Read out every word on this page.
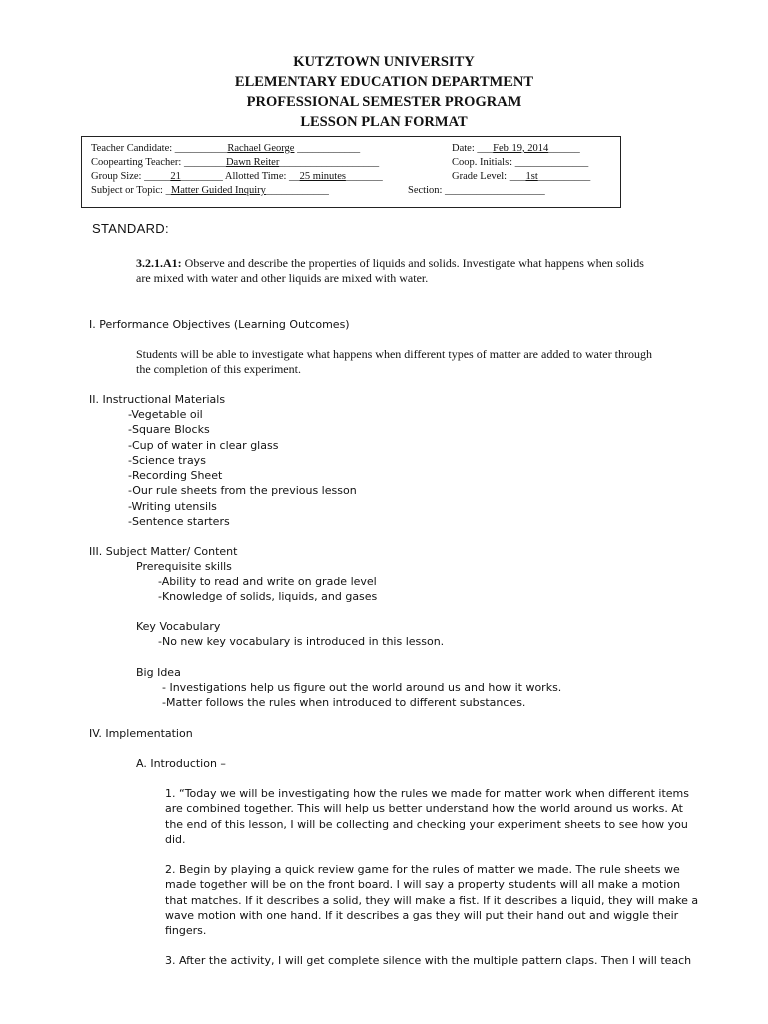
KUTZTOWN UNIVERSITY
ELEMENTARY EDUCATION DEPARTMENT
PROFESSIONAL SEMESTER PROGRAM
LESSON PLAN FORMAT
Teacher Candidate: __________Rachael George ____________	Date: ___Feb 19, 2014______
Coopearting Teacher: ________Dawn Reiter___________________	Coop. Initials: ______________
Group Size: _____21________ Allotted Time: __25 minutes_______	Grade Level: ___1st__________
Subject or Topic: _Matter Guided Inquiry____________	Section: ___________________
STANDARD:
3.2.1.A1: Observe and describe the properties of liquids and solids. Investigate what happens when solids
are mixed with water and other liquids are mixed with water.
I. Performance Objectives (Learning Outcomes)
Students will be able to investigate what happens when different types of matter are added to water through
the completion of this experiment.
II. Instructional Materials
-Vegetable oil
-Square Blocks
-Cup of water in clear glass
-Science trays
-Recording Sheet
-Our rule sheets from the previous lesson
-Writing utensils
-Sentence starters
III. Subject Matter/ Content
Prerequisite skills
-Ability to read and write on grade level
-Knowledge of solids, liquids, and gases
Key Vocabulary
-No new key vocabulary is introduced in this lesson.
Big Idea
- Investigations help us figure out the world around us and how it works.
-Matter follows the rules when introduced to different substances.
IV. Implementation
A. Introduction –
1. “Today we will be investigating how the rules we made for matter work when different items
are combined together. This will help us better understand how the world around us works. At
the end of this lesson, I will be collecting and checking your experiment sheets to see how you
did.
2. Begin by playing a quick review game for the rules of matter we made. The rule sheets we
made together will be on the front board. I will say a property students will all make a motion
that matches. If it describes a solid, they will make a fist. If it describes a liquid, they will make a
wave motion with one hand. If it describes a gas they will put their hand out and wiggle their
fingers.
3. After the activity, I will get complete silence with the multiple pattern claps. Then I will teach
